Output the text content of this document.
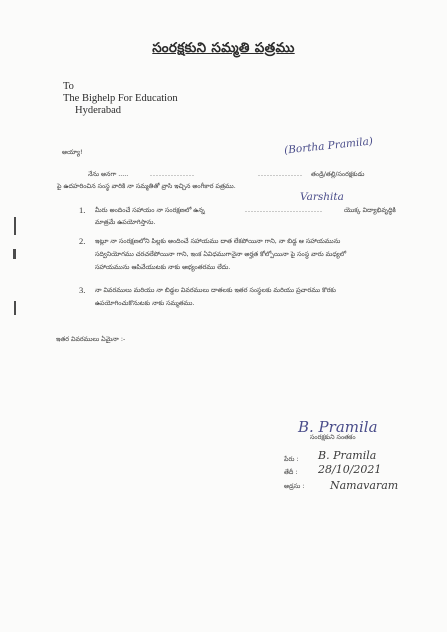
సంరక్షకుని సమ్మతి పత్రము
To
The Bighelp For Education
Hyderabad
అయ్యా!
నేను అనగా .....	...............	...............
(Bortha Pramila)
తండ్రి/తల్లి/సంరక్షకుడు
పై ఉదహరించిన సంస్థ వారికి నా సమ్మతితో వ్రాసి ఇచ్చిన అంగీకార పత్రము.
1. మీరు అందించే సహాయం నా సంరక్షణలో ఉన్న	..........................
Varshita
యొక్క విద్యాభివృద్ధికి
మాత్రమే ఉపయోగిస్తాను.
2. ఇట్లూ నా సంరక్షణలోని పిల్లకు అందించే సహాయము దాత లేకపోయినా గాని, నా బిడ్డ ఆ సహాయమును
సద్వినియోగము చరచలేపోయినా గాని, ఇంక ఏవిధముగానైనా అర్హత కోల్పోయినా పై సంస్థ వారు మధ్యలో
సహాయమును ఆపివేయుటకు నాకు అభ్యంతరము లేదు.
3. నా వివరములు మరియు నా బిడ్డల వివరములు దాతలకు ఇతర సంస్థలకు మరియు ప్రచారము కొరకు
ఉపయోగించుకొనుటకు నాకు సమ్మతము.
ఇతర వివరములు ఏమైనా :-
B. Pramila
సంరక్షకుని సంతకం
పేరు : B. Pramila
తేదీ : 28/10/2021
అడ్రసు : Namavaram
